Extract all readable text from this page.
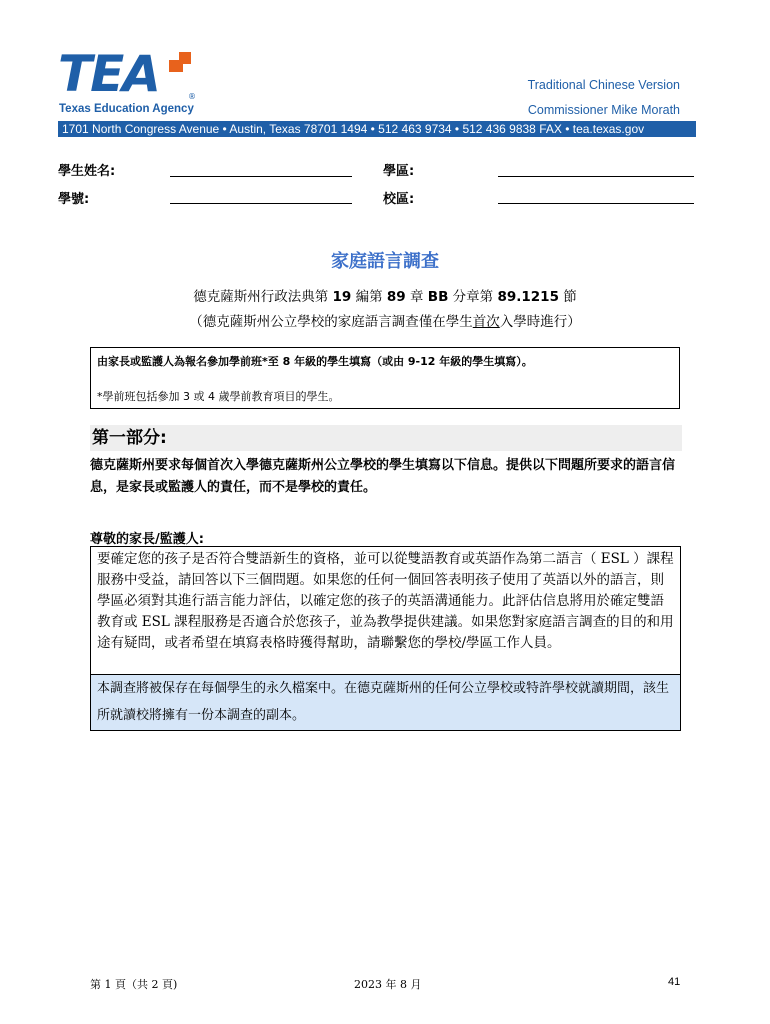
TEA	®
Texas Education Agency
Traditional Chinese Version
Commissioner Mike Morath
1701 North Congress Avenue • Austin, Texas 78701 1494 • 512 463 9734 • 512 436 9838 FAX • tea.texas.gov
學生姓名:	學區:
學號:	校區:
家庭語言調查
德克薩斯州行政法典第 19 編第 89 章 BB 分章第 89.1215 節
（德克薩斯州公立學校的家庭語言調查僅在學生首次入學時進行）
由家長或監護人為報名參加學前班*至 8 年級的學生填寫（或由 9-12 年級的學生填寫）。
*學前班包括參加 3 或 4 歲學前教育項目的學生。
第一部分:
德克薩斯州要求每個首次入學德克薩斯州公立學校的學生填寫以下信息。提供以下問題所要求的語言信息，是家長或監護人的責任，而不是學校的責任。
尊敬的家長/監護人:

要確定您的孩子是否符合雙語新生的資格，並可以從雙語教育或英語作為第二語言（ ESL ）課程服務中受益，請回答以下三個問題。如果您的任何一個回答表明孩子使用了英語以外的語言，則學區必須對其進行語言能力評估，以確定您的孩子的英語溝通能力。此評估信息將用於確定雙語教育或 ESL 課程服務是否適合於您孩子，並為教學提供建議。如果您對家庭語言調查的目的和用途有疑問，或者希望在填寫表格時獲得幫助，請聯繫您的學校/學區工作人員。

本調查將被保存在每個學生的永久檔案中。在德克薩斯州的任何公立學校或特許學校就讀期間，該生所就讀校將擁有一份本調查的副本。

第 1 頁（共 2 頁)	2023 年 8 月	41
